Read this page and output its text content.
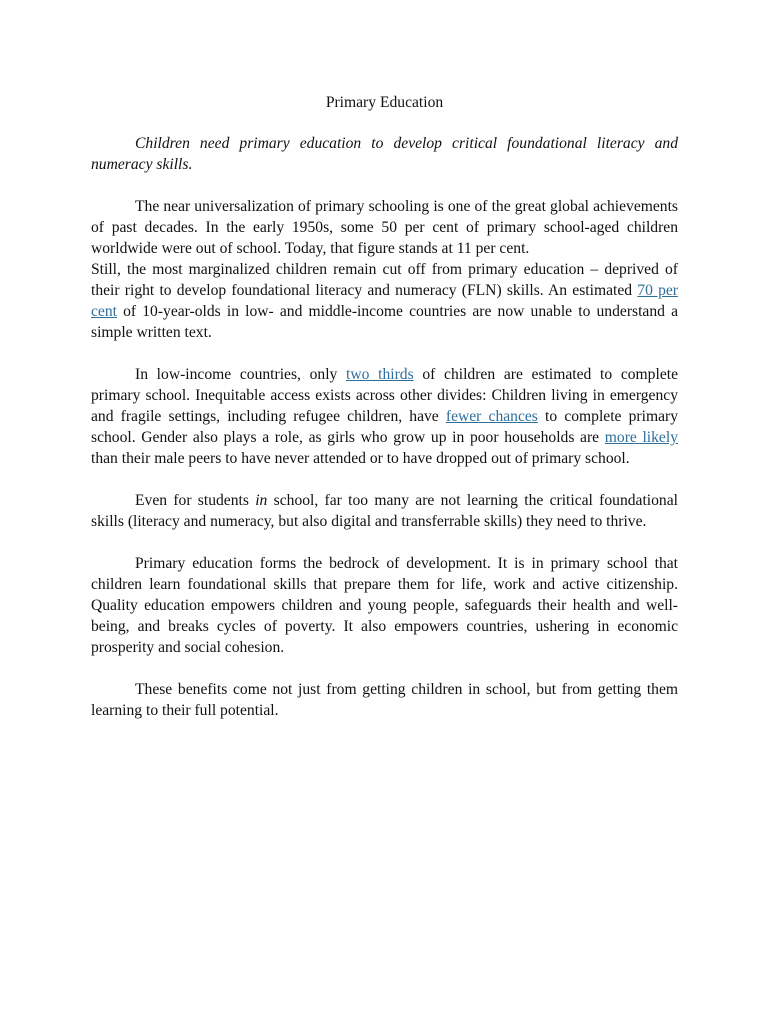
Primary Education

Children need primary education to develop critical foundational literacy and numeracy skills.

The near universalization of primary schooling is one of the great global achievements of past decades. In the early 1950s, some 50 per cent of primary school-aged children worldwide were out of school. Today, that figure stands at 11 per cent.

Still, the most marginalized children remain cut off from primary education – deprived of their right to develop foundational literacy and numeracy (FLN) skills. An estimated 70 per cent of 10-year-olds in low- and middle-income countries are now unable to understand a simple written text.

In low-income countries, only two thirds of children are estimated to complete primary school. Inequitable access exists across other divides: Children living in emergency and fragile settings, including refugee children, have fewer chances to complete primary school. Gender also plays a role, as girls who grow up in poor households are more likely than their male peers to have never attended or to have dropped out of primary school.

Even for students in school, far too many are not learning the critical foundational skills (literacy and numeracy, but also digital and transferrable skills) they need to thrive.

Primary education forms the bedrock of development. It is in primary school that children learn foundational skills that prepare them for life, work and active citizenship. Quality education empowers children and young people, safeguards their health and well-being, and breaks cycles of poverty. It also empowers countries, ushering in economic prosperity and social cohesion.

These benefits come not just from getting children in school, but from getting them learning to their full potential.
